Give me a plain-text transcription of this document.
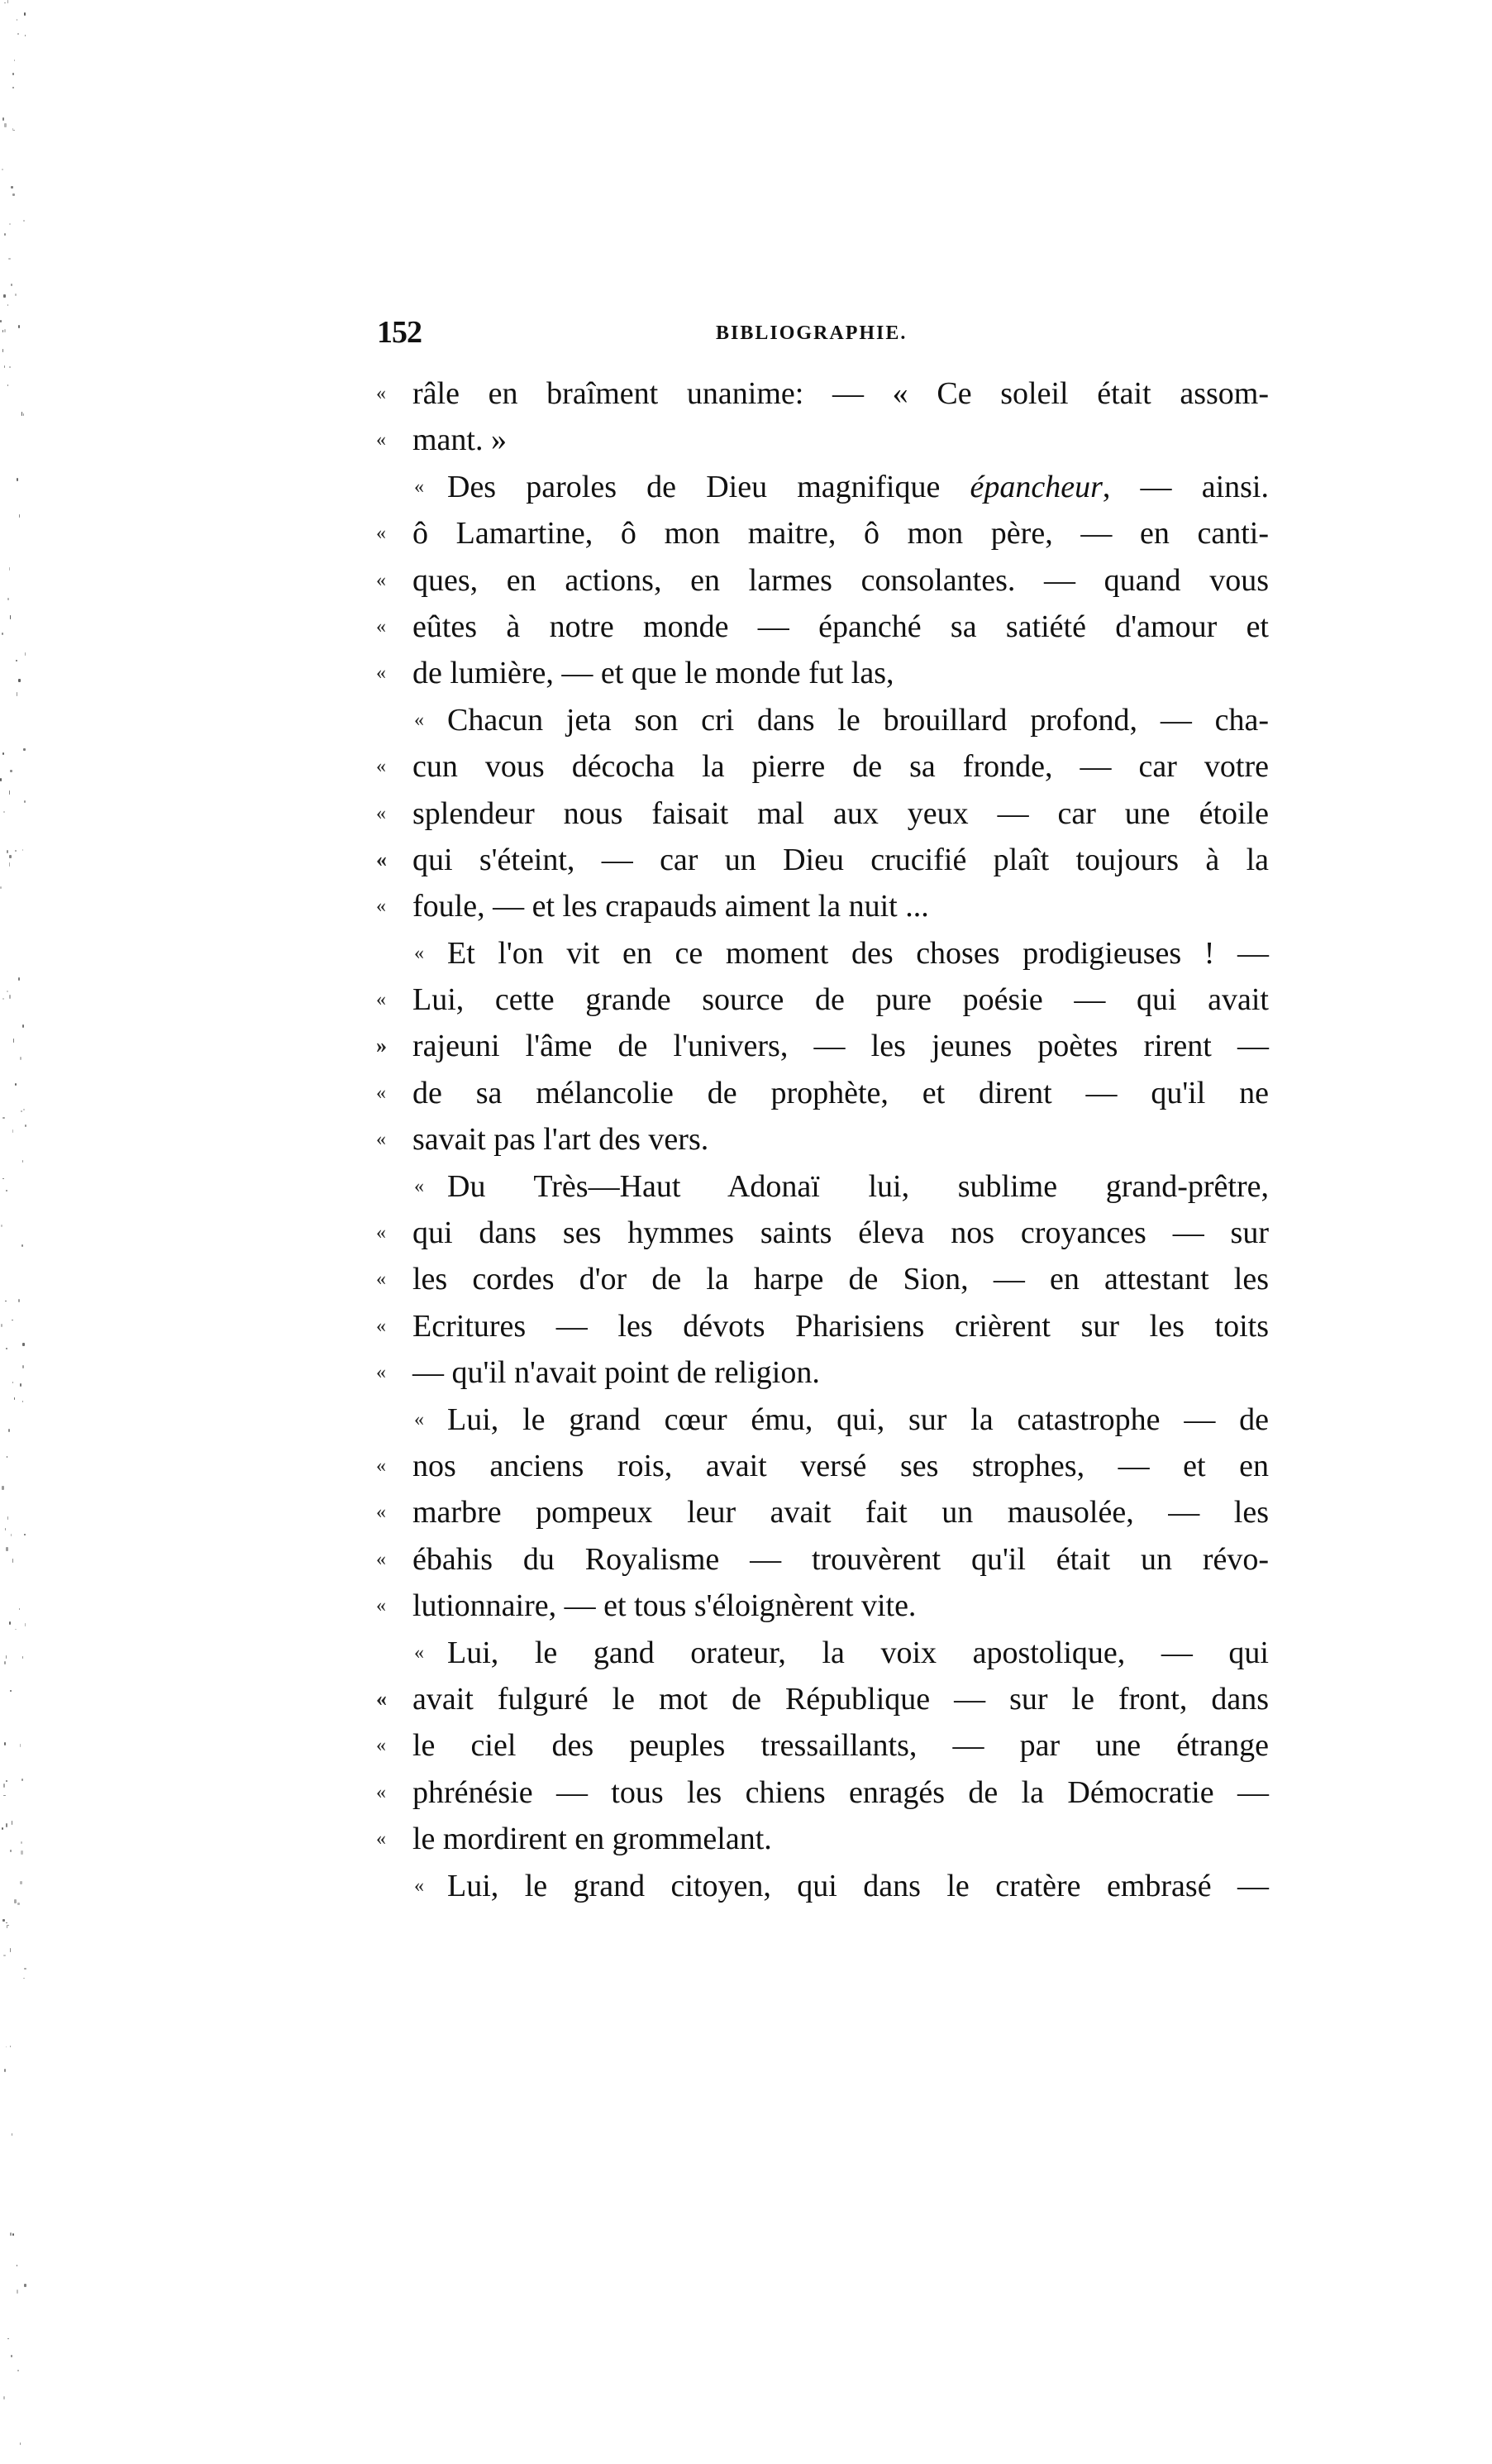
152	BIBLIOGRAPHIE.
« râle en braîment unanime: — « Ce soleil était assom-
« mant. »
« Des paroles de Dieu magnifique épancheur, — ainsi.
« ô Lamartine, ô mon maitre, ô mon père, — en canti-
« ques, en actions, en larmes consolantes. — quand vous
« eûtes à notre monde — épanché sa satiété d'amour et
« de lumière, — et que le monde fut las,
« Chacun jeta son cri dans le brouillard profond, — cha-
« cun vous décocha la pierre de sa fronde, — car votre
« splendeur nous faisait mal aux yeux — car une étoile
« qui s'éteint, — car un Dieu crucifié plaît toujours à la
« foule, — et les crapauds aiment la nuit ...
« Et l'on vit en ce moment des choses prodigieuses ! —
« Lui, cette grande source de pure poésie — qui avait
» rajeuni l'âme de l'univers, — les jeunes poètes rirent —
« de sa mélancolie de prophète, et dirent — qu'il ne
« savait pas l'art des vers.
« Du Très—Haut Adonaï lui, sublime grand-prêtre,
« qui dans ses hymmes saints éleva nos croyances — sur
« les cordes d'or de la harpe de Sion, — en attestant les
« Ecritures — les dévots Pharisiens crièrent sur les toits
« — qu'il n'avait point de religion.
« Lui, le grand cœur ému, qui, sur la catastrophe — de
« nos anciens rois, avait versé ses strophes, — et en
« marbre pompeux leur avait fait un mausolée, — les
« ébahis du Royalisme — trouvèrent qu'il était un révo-
« lutionnaire, — et tous s'éloignèrent vite.
« Lui, le gand orateur, la voix apostolique, — qui
« avait fulguré le mot de République — sur le front, dans
« le ciel des peuples tressaillants, — par une étrange
« phrénésie — tous les chiens enragés de la Démocratie —
« le mordirent en grommelant.
« Lui, le grand citoyen, qui dans le cratère embrasé —
